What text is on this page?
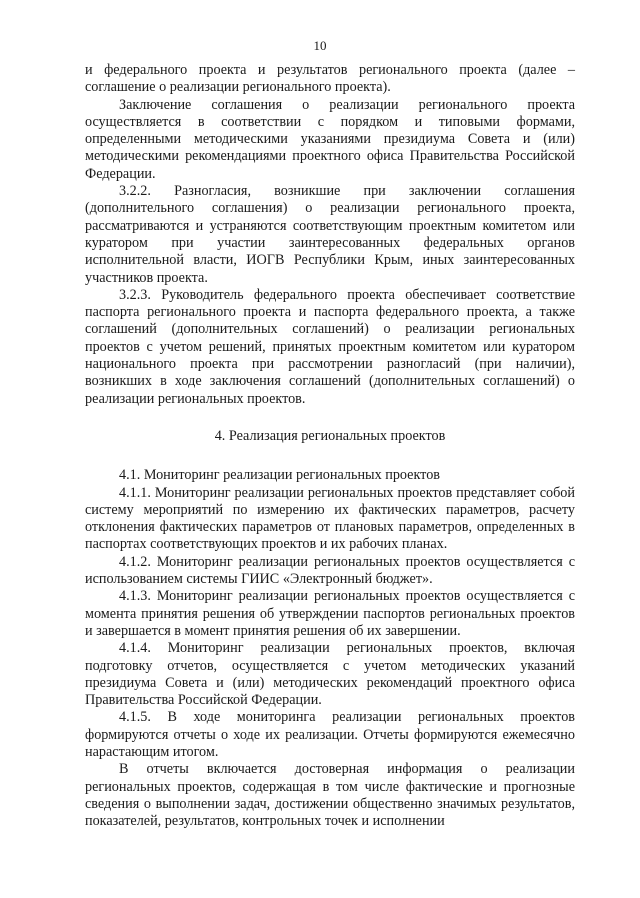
10

и федерального проекта и результатов регионального проекта (далее – соглашение о реализации регионального проекта).

Заключение соглашения о реализации регионального проекта осуществляется в соответствии с порядком и типовыми формами, определенными методическими указаниями президиума Совета и (или) методическими рекомендациями проектного офиса Правительства Российской Федерации.

3.2.2. Разногласия, возникшие при заключении соглашения (дополнительного соглашения) о реализации регионального проекта, рассматриваются и устраняются соответствующим проектным комитетом или куратором при участии заинтересованных федеральных органов исполнительной власти, ИОГВ Республики Крым, иных заинтересованных участников проекта.

3.2.3. Руководитель федерального проекта обеспечивает соответствие паспорта регионального проекта и паспорта федерального проекта, а также соглашений (дополнительных соглашений) о реализации региональных проектов с учетом решений, принятых проектным комитетом или куратором национального проекта при рассмотрении разногласий (при наличии), возникших в ходе заключения соглашений (дополнительных соглашений) о реализации региональных проектов.

4. Реализация региональных проектов

4.1. Мониторинг реализации региональных проектов

4.1.1. Мониторинг реализации региональных проектов представляет собой систему мероприятий по измерению их фактических параметров, расчету отклонения фактических параметров от плановых параметров, определенных в паспортах соответствующих проектов и их рабочих планах.

4.1.2. Мониторинг реализации региональных проектов осуществляется с использованием системы ГИИС «Электронный бюджет».

4.1.3. Мониторинг реализации региональных проектов осуществляется с момента принятия решения об утверждении паспортов региональных проектов и завершается в момент принятия решения об их завершении.

4.1.4. Мониторинг реализации региональных проектов, включая подготовку отчетов, осуществляется с учетом методических указаний президиума Совета и (или) методических рекомендаций проектного офиса Правительства Российской Федерации.

4.1.5. В ходе мониторинга реализации региональных проектов формируются отчеты о ходе их реализации. Отчеты формируются ежемесячно нарастающим итогом.

В отчеты включается достоверная информация о реализации региональных проектов, содержащая в том числе фактические и прогнозные сведения о выполнении задач, достижении общественно значимых результатов, показателей, результатов, контрольных точек и исполнении
